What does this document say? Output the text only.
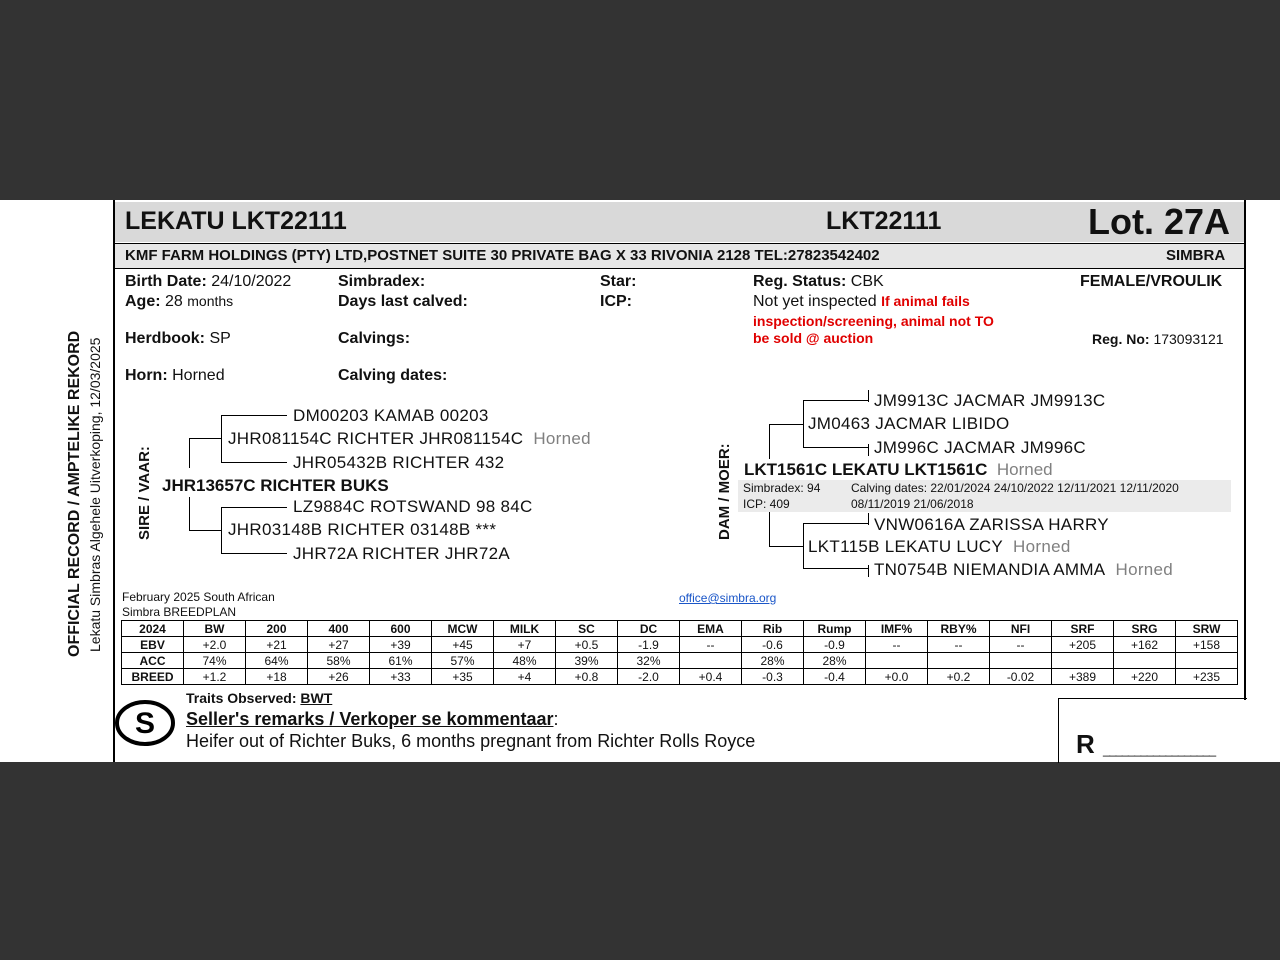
OFFICIAL RECORD / AMPTELIKE REKORD Lekatu Simbras Algehele Uitverkoping, 12/03/2025
LEKATU LKT22111	LKT22111	Lot. 27A
KMF FARM HOLDINGS (PTY) LTD,POSTNET SUITE 30 PRIVATE BAG X 33 RIVONIA 2128 TEL:27823542402	SIMBRA
Birth Date: 24/10/2022
Age: 28 months
Herdbook: SP
Horn: Horned
Simbradex:
Days last calved:
Calvings:
Calving dates:
Star:
ICP:
Reg. Status: CBK
Not yet inspected If animal fails
inspection/screening, animal not TO
be sold @ auction
FEMALE/VROULIK
Reg. No: 173093121
SIRE / VAAR:
DM00203 KAMAB 00203
JHR081154C RICHTER JHR081154C Horned
JHR05432B RICHTER 432
JHR13657C RICHTER BUKS
LZ9884C ROTSWAND 98 84C
JHR03148B RICHTER 03148B ***
JHR72A RICHTER JHR72A
DAM / MOER:
JM9913C JACMAR JM9913C
JM0463 JACMAR LIBIDO
JM996C JACMAR JM996C
LKT1561C LEKATU LKT1561C Horned
Simbradex: 94
ICP: 409
Calving dates: 22/01/2024 24/10/2022 12/11/2021 12/11/2020
08/11/2019 21/06/2018
VNW0616A ZARISSA HARRY
LKT115B LEKATU LUCY Horned
TN0754B NIEMANDIA AMMA Horned
February 2025 South African
Simbra BREEDPLAN
office@simbra.org
2024	BW	200	400	600	MCW	MILK	SC	DC	EMA	Rib	Rump	IMF%	RBY%	NFI	SRF	SRG	SRW
EBV	+2.0	+21	+27	+39	+45	+7	+0.5	-1.9	--	-0.6	-0.9	--	--	--	+205	+162	+158
ACC	74%	64%	58%	61%	57%	48%	39%	32%		28%	28%						
BREED	+1.2	+18	+26	+33	+35	+4	+0.8	-2.0	+0.4	-0.3	-0.4	+0.0	+0.2	-0.02	+389	+220	+235
Traits Observed: BWT
S Seller's remarks / Verkoper se kommentaar:
Heifer out of Richter Buks, 6 months pregnant from Richter Rolls Royce	R __________________
